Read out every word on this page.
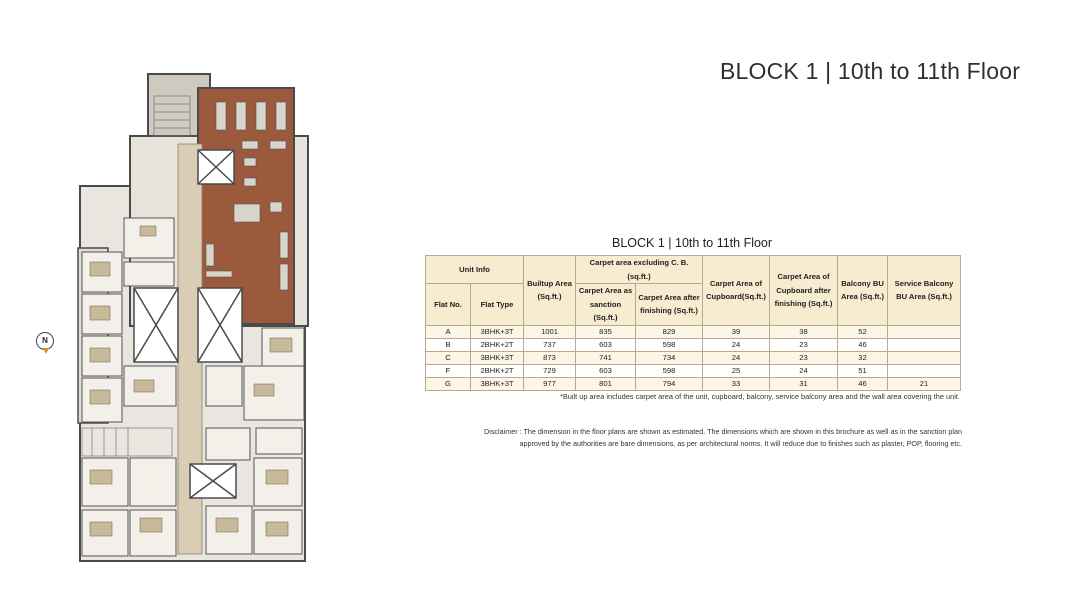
BLOCK 1 | 10th to 11th Floor
N
BLOCK 1 | 10th to 11th Floor
Unit Info		Builtup Area (Sq.ft.)	Carpet area excluding C. B. (sq.ft.)		Carpet Area of Cupboard(Sq.ft.)	Carpet Area of Cupboard after finishing (Sq.ft.)	Balcony BU Area (Sq.ft.)	Service Balcony BU Area (Sq.ft.)
Flat No.	Flat Type		Carpet Area as sanction (Sq.ft.)	Carpet Area after finishing (Sq.ft.)				
A	3BHK+3T	1001	835	829	39	38	52	
B	2BHK+2T	737	603	598	24	23	46	
C	3BHK+3T	873	741	734	24	23	32	
F	2BHK+2T	729	603	598	25	24	51	
G	3BHK+3T	977	801	794	33	31	46	21
*Built up area includes carpet area of the unit, cupboard, balcony, service balcony area and the wall area covering the unit.
Disclaimer : The dimension in the floor plans are shown as estimated. The dimensions which are shown in this brochure as well as in the sanction plan
approved by the authorities are bare dimensions, as per architectural norms. It will reduce due to finishes such as plaster, POP, flooring etc.
